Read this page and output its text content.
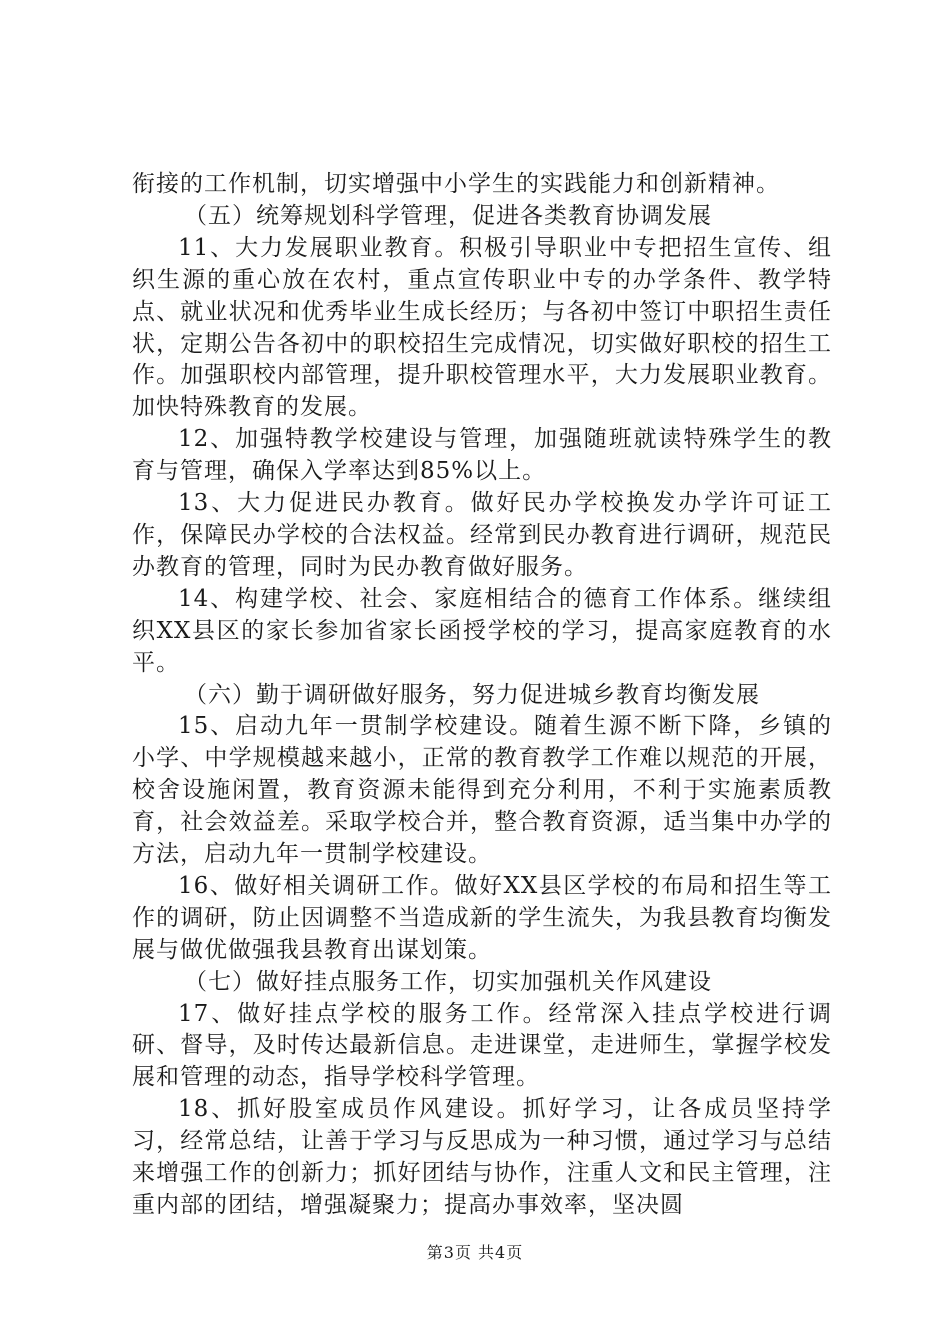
衔接的工作机制，切实增强中小学生的实践能力和创新精神。

（五）统筹规划科学管理，促进各类教育协调发展

11、大力发展职业教育。积极引导职业中专把招生宣传、组织生源的重心放在农村，重点宣传职业中专的办学条件、教学特点、就业状况和优秀毕业生成长经历；与各初中签订中职招生责任状，定期公告各初中的职校招生完成情况，切实做好职校的招生工作。加强职校内部管理，提升职校管理水平，大力发展职业教育。加快特殊教育的发展。

12、加强特教学校建设与管理，加强随班就读特殊学生的教育与管理，确保入学率达到85%以上。

13、大力促进民办教育。做好民办学校换发办学许可证工作，保障民办学校的合法权益。经常到民办教育进行调研，规范民办教育的管理，同时为民办教育做好服务。

14、构建学校、社会、家庭相结合的德育工作体系。继续组织XX县区的家长参加省家长函授学校的学习，提高家庭教育的水平。

（六）勤于调研做好服务，努力促进城乡教育均衡发展

15、启动九年一贯制学校建设。随着生源不断下降，乡镇的小学、中学规模越来越小，正常的教育教学工作难以规范的开展，校舍设施闲置，教育资源未能得到充分利用，不利于实施素质教育，社会效益差。采取学校合并，整合教育资源，适当集中办学的方法，启动九年一贯制学校建设。

16、做好相关调研工作。做好XX县区学校的布局和招生等工作的调研，防止因调整不当造成新的学生流失，为我县教育均衡发展与做优做强我县教育出谋划策。

（七）做好挂点服务工作，切实加强机关作风建设

17、做好挂点学校的服务工作。经常深入挂点学校进行调研、督导，及时传达最新信息。走进课堂，走进师生，掌握学校发展和管理的动态，指导学校科学管理。

18、抓好股室成员作风建设。抓好学习，让各成员坚持学习，经常总结，让善于学习与反思成为一种习惯，通过学习与总结来增强工作的创新力；抓好团结与协作，注重人文和民主管理，注重内部的团结，增强凝聚力；提高办事效率，坚决圆

第3页 共4页
